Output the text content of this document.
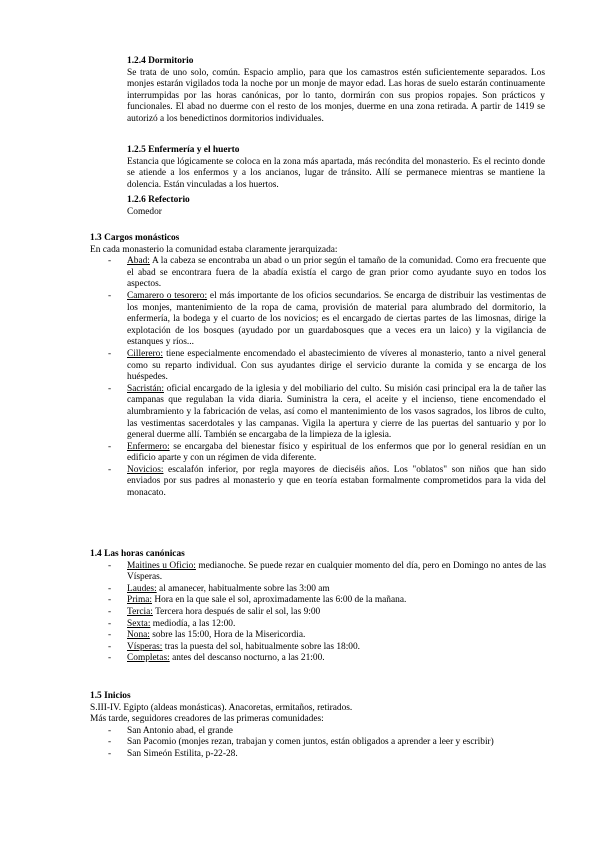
1.2.4 Dormitorio
Se trata de uno solo, común. Espacio amplio, para que los camastros estén suficientemente separados. Los monjes estarán vigilados toda la noche por un monje de mayor edad. Las horas de suelo estarán continuamente interrumpidas por las horas canónicas, por lo tanto, dormirán con sus propios ropajes. Son prácticos y funcionales. El abad no duerme con el resto de los monjes, duerme en una zona retirada. A partir de 1419 se autorizó a los benedictinos dormitorios individuales.
1.2.5 Enfermería y el huerto
Estancia que lógicamente se coloca en la zona más apartada, más recóndita del monasterio. Es el recinto donde se atiende a los enfermos y a los ancianos, lugar de tránsito. Allí se permanece mientras se mantiene la dolencia. Están vinculadas a los huertos.
1.2.6 Refectorio
Comedor
1.3 Cargos monásticos
En cada monasterio la comunidad estaba claramente jerarquizada:
- Abad: A la cabeza se encontraba un abad o un prior según el tamaño de la comunidad. Como era frecuente que el abad se encontrara fuera de la abadía existía el cargo de gran prior como ayudante suyo en todos los aspectos.
- Camarero o tesorero: el más importante de los oficios secundarios. Se encarga de distribuir las vestimentas de los monjes, mantenimiento de la ropa de cama, provisión de material para alumbrado del dormitorio, la enfermería, la bodega y el cuarto de los novicios; es el encargado de ciertas partes de las limosnas, dirige la explotación de los bosques (ayudado por un guardabosques que a veces era un laico) y la vigilancia de estanques y ríos...
- Cillerero: tiene especialmente encomendado el abastecimiento de víveres al monasterio, tanto a nivel general como su reparto individual. Con sus ayudantes dirige el servicio durante la comida y se encarga de los huéspedes.
- Sacristán: oficial encargado de la iglesia y del mobiliario del culto. Su misión casi principal era la de tañer las campanas que regulaban la vida diaria. Suministra la cera, el aceite y el incienso, tiene encomendado el alumbramiento y la fabricación de velas, así como el mantenimiento de los vasos sagrados, los libros de culto, las vestimentas sacerdotales y las campanas. Vigila la apertura y cierre de las puertas del santuario y por lo general duerme allí. También se encargaba de la limpieza de la iglesia.
- Enfermero: se encargaba del bienestar físico y espiritual de los enfermos que por lo general residían en un edificio aparte y con un régimen de vida diferente.
- Novicios: escalafón inferior, por regla mayores de dieciséis años. Los "oblatos" son niños que han sido enviados por sus padres al monasterio y que en teoría estaban formalmente comprometidos para la vida del monacato.
1.4 Las horas canónicas
- Maitines u Oficio: medianoche. Se puede rezar en cualquier momento del día, pero en Domingo no antes de las Vísperas.
- Laudes: al amanecer, habitualmente sobre las 3:00 am
- Prima: Hora en la que sale el sol, aproximadamente las 6:00 de la mañana.
- Tercia: Tercera hora después de salir el sol, las 9:00
- Sexta: mediodía, a las 12:00.
- Nona: sobre las 15:00, Hora de la Misericordia.
- Vísperas: tras la puesta del sol, habitualmente sobre las 18:00.
- Completas: antes del descanso nocturno, a las 21:00.
1.5 Inicios
S.III-IV. Egipto (aldeas monásticas). Anacoretas, ermitaños, retirados.
Más tarde, seguidores creadores de las primeras comunidades:
- San Antonio abad, el grande
- San Pacomio (monjes rezan, trabajan y comen juntos, están obligados a aprender a leer y escribir)
- San Simeón Estilita, p-22-28.
